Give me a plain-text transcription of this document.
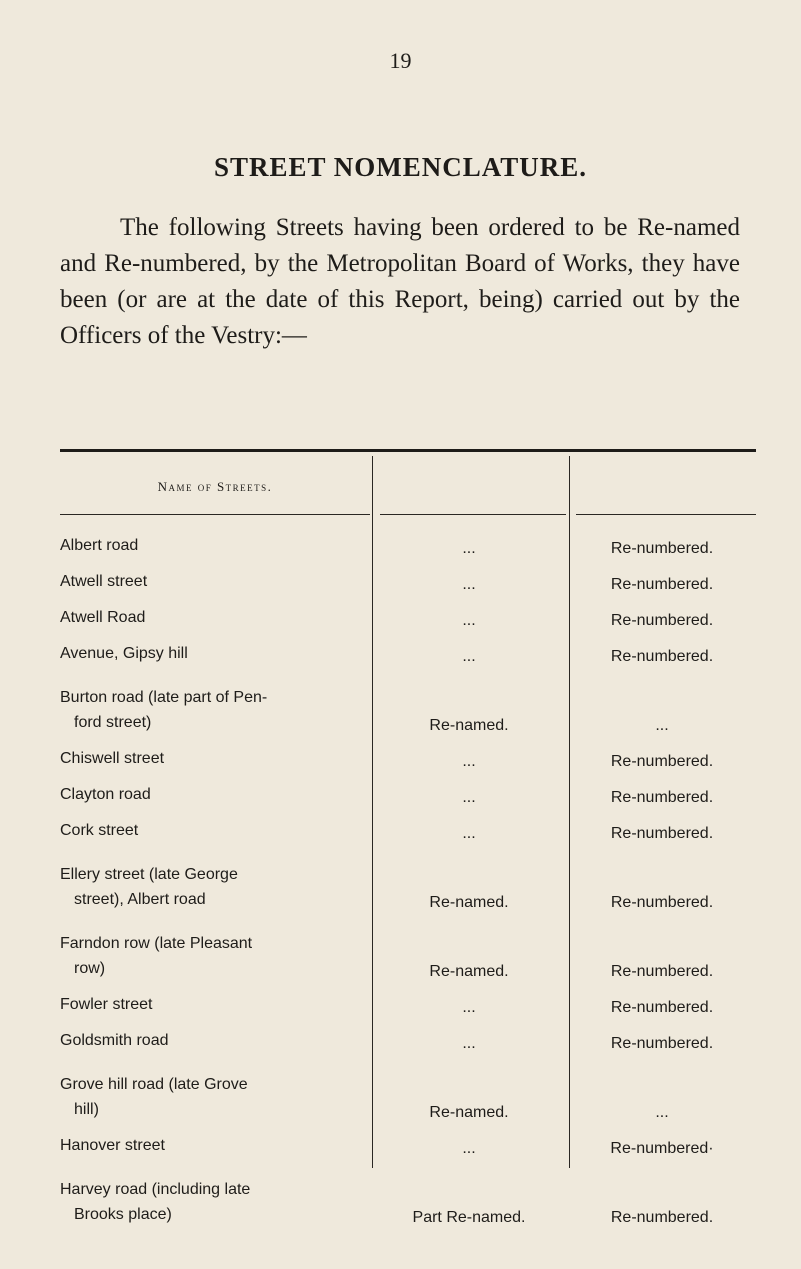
19
STREET NOMENCLATURE.
The following Streets having been ordered to be Re-named and Re-numbered, by the Metropolitan Board of Works, they have been (or are at the date of this Report, being) carried out by the Officers of the Vestry:—
Name of Streets.
Albert road	...	Re-numbered.
Atwell street	...	Re-numbered.
Atwell Road	...	Re-numbered.
Avenue, Gipsy hill	...	Re-numbered.
Burton road (late part of Pen-
ford street)	Re-named.	...
Chiswell street	...	Re-numbered.
Clayton road	...	Re-numbered.
Cork street	...	Re-numbered.
Ellery street (late George
street), Albert road	Re-named.	Re-numbered.
Farndon row (late Pleasant
row)	Re-named.	Re-numbered.
Fowler street	...	Re-numbered.
Goldsmith road	...	Re-numbered.
Grove hill road (late Grove
hill)	Re-named.	...
Hanover street	...	Re-numbered·
Harvey road (including late
Brooks place)	Part Re-named.	Re-numbered.
